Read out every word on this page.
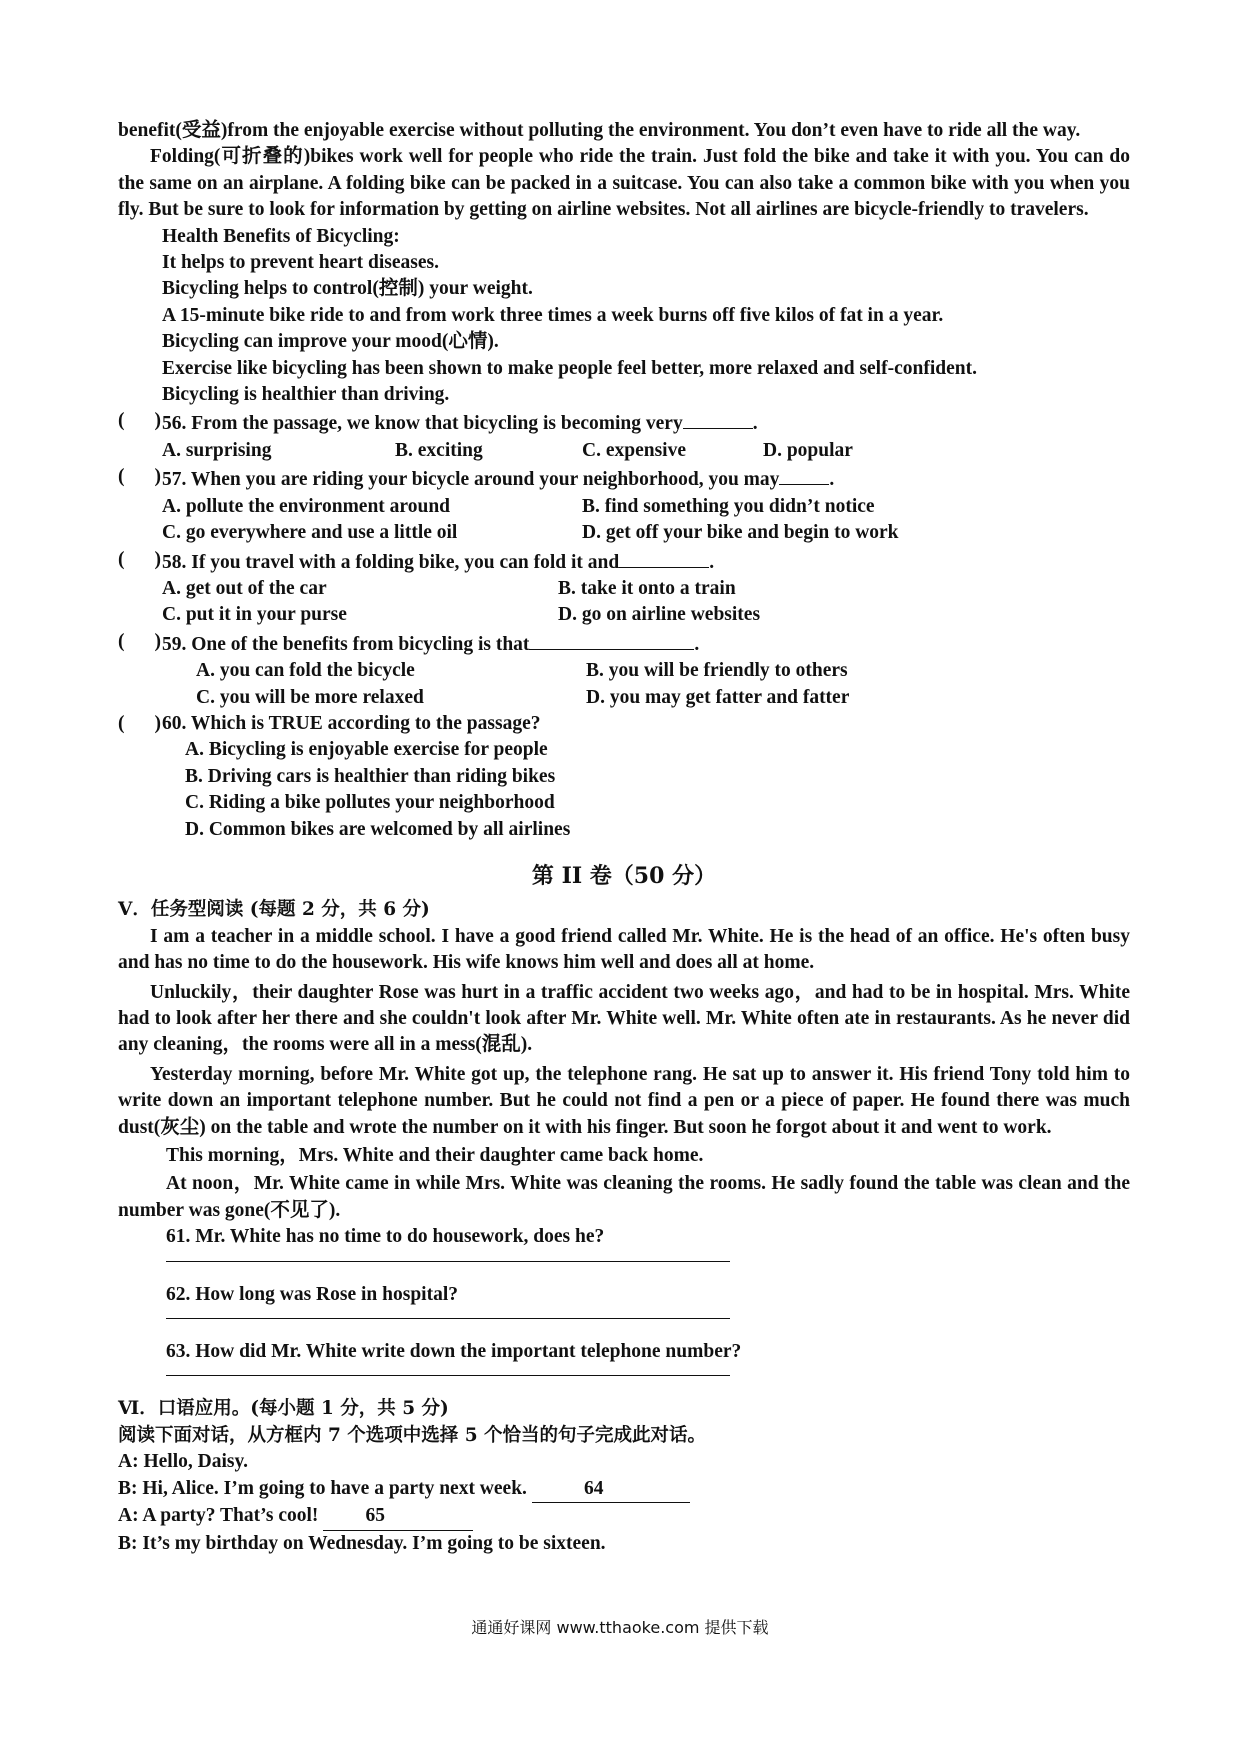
benefit(受益)from the enjoyable exercise without polluting the environment. You don’t even have to ride all the way.

Folding(可折叠的)bikes work well for people who ride the train. Just fold the bike and take it with you. You can do the same on an airplane. A folding bike can be packed in a suitcase. You can also take a common bike with you when you fly. But be sure to look for information by getting on airline websites. Not all airlines are bicycle-friendly to travelers.

Health Benefits of Bicycling:

It helps to prevent heart diseases.

Bicycling helps to control(控制) your weight.

A 15-minute bike ride to and from work three times a week burns off five kilos of fat in a year.

Bicycling can improve your mood(心情).

Exercise like bicycling has been shown to make people feel better, more relaxed and self-confident.

Bicycling is healthier than driving.

( ) 56. From the passage, we know that bicycling is becoming very	.
A. surprising	B. exciting	C. expensive	D. popular
( ) 57. When you are riding your bicycle around your neighborhood, you may	.
A. pollute the environment around	B. find something you didn’t notice
C. go everywhere and use a little oil	D. get off your bike and begin to work
( ) 58. If you travel with a folding bike, you can fold it and	.
A. get out of the car	B. take it onto a train
C. put it in your purse	D. go on airline websites
( ) 59. One of the benefits from bicycling is that	.
A. you can fold the bicycle	B. you will be friendly to others
C. you will be more relaxed	D. you may get fatter and fatter
( ) 60. Which is TRUE according to the passage?

A. Bicycling is enjoyable exercise for people

B. Driving cars is healthier than riding bikes

C. Riding a bike pollutes your neighborhood

D. Common bikes are welcomed by all airlines

第 II 卷（50 分）

V．任务型阅读 (每题 2 分，共 6 分)

I am a teacher in a middle school. I have a good friend called Mr. White. He is the head of an office. He's often busy and has no time to do the housework. His wife knows him well and does all at home.

Unluckily，their daughter Rose was hurt in a traffic accident two weeks ago，and had to be in hospital. Mrs. White had to look after her there and she couldn't look after Mr. White well. Mr. White often ate in restaurants. As he never did any cleaning，the rooms were all in a mess(混乱).

Yesterday morning, before Mr. White got up, the telephone rang. He sat up to answer it. His friend Tony told him to write down an important telephone number. But he could not find a pen or a piece of paper. He found there was much dust(灰尘) on the table and wrote the number on it with his finger. But soon he forgot about it and went to work.

This morning，Mrs. White and their daughter came back home.

At noon，Mr. White came in while Mrs. White was cleaning the rooms. He sadly found the table was clean and the number was gone(不见了).

61. Mr. White has no time to do housework, does he?

62. How long was Rose in hospital?

63. How did Mr. White write down the important telephone number?

Ⅵ．口语应用。(每小题 1 分，共 5 分)

阅读下面对话，从方框内 7 个选项中选择 5 个恰当的句子完成此对话。

A: Hello, Daisy.

B: Hi, Alice. I’m going to have a party next week.	64

A: A party? That’s cool! 65

B: It’s my birthday on Wednesday. I’m going to be sixteen.

通通好课网 www.tthaoke.com 提供下载
